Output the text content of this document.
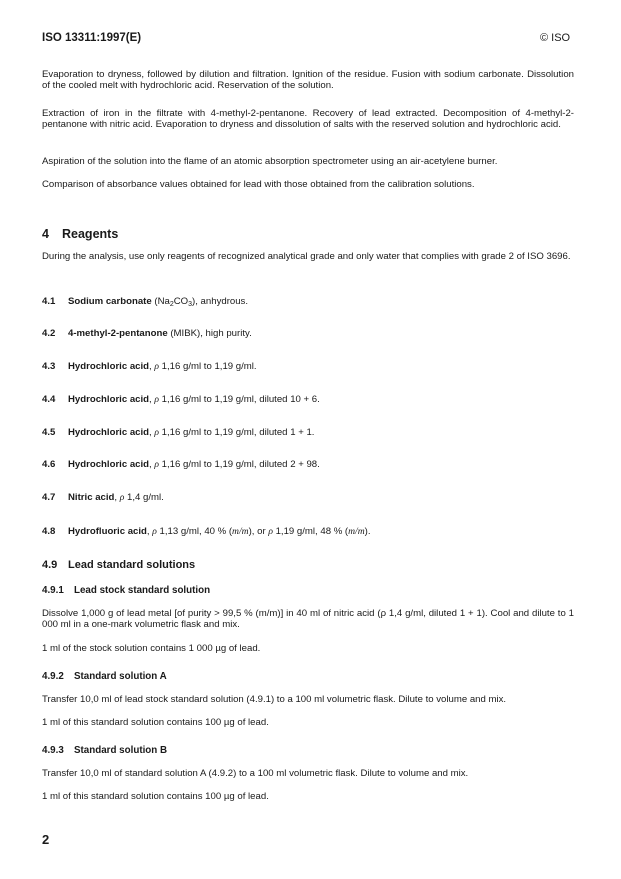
ISO 13311:1997(E)	© ISO
Evaporation to dryness, followed by dilution and filtration. Ignition of the residue. Fusion with sodium carbonate. Dissolution of the cooled melt with hydrochloric acid. Reservation of the solution.
Extraction of iron in the filtrate with 4-methyl-2-pentanone. Recovery of lead extracted. Decomposition of 4-methyl-2-pentanone with nitric acid. Evaporation to dryness and dissolution of salts with the reserved solution and hydrochloric acid.
Aspiration of the solution into the flame of an atomic absorption spectrometer using an air-acetylene burner.
Comparison of absorbance values obtained for lead with those obtained from the calibration solutions.
4 Reagents
During the analysis, use only reagents of recognized analytical grade and only water that complies with grade 2 of ISO 3696.
4.1 Sodium carbonate $(Na_2CO_3)$, anhydrous.
4.2 4-methyl-2-pentanone (MIBK), high purity.
4.3 Hydrochloric acid, ρ 1,16 g/ml to 1,19 g/ml.
4.4 Hydrochloric acid, ρ 1,16 g/ml to 1,19 g/ml, diluted 10 + 6.
4.5 Hydrochloric acid, ρ 1,16 g/ml to 1,19 g/ml, diluted 1 + 1.
4.6 Hydrochloric acid, ρ 1,16 g/ml to 1,19 g/ml, diluted 2 + 98.
4.7 Nitric acid, ρ 1,4 g/ml.
4.8 Hydrofluoric acid, ρ 1,13 g/ml, 40 % (m/m), or ρ 1,19 g/ml, 48 % (m/m).
4.9 Lead standard solutions
4.9.1 Lead stock standard solution
Dissolve 1,000 g of lead metal [of purity > 99,5 % (m/m)] in 40 ml of nitric acid (ρ 1,4 g/ml, diluted 1 + 1). Cool and dilute to 1 000 ml in a one-mark volumetric flask and mix.
1 ml of the stock solution contains 1 000 µg of lead.
4.9.2 Standard solution A
Transfer 10,0 ml of lead stock standard solution (4.9.1) to a 100 ml volumetric flask. Dilute to volume and mix.
1 ml of this standard solution contains 100 µg of lead.
4.9.3 Standard solution B
Transfer 10,0 ml of standard solution A (4.9.2) to a 100 ml volumetric flask. Dilute to volume and mix.
1 ml of this standard solution contains 100 µg of lead.
2
